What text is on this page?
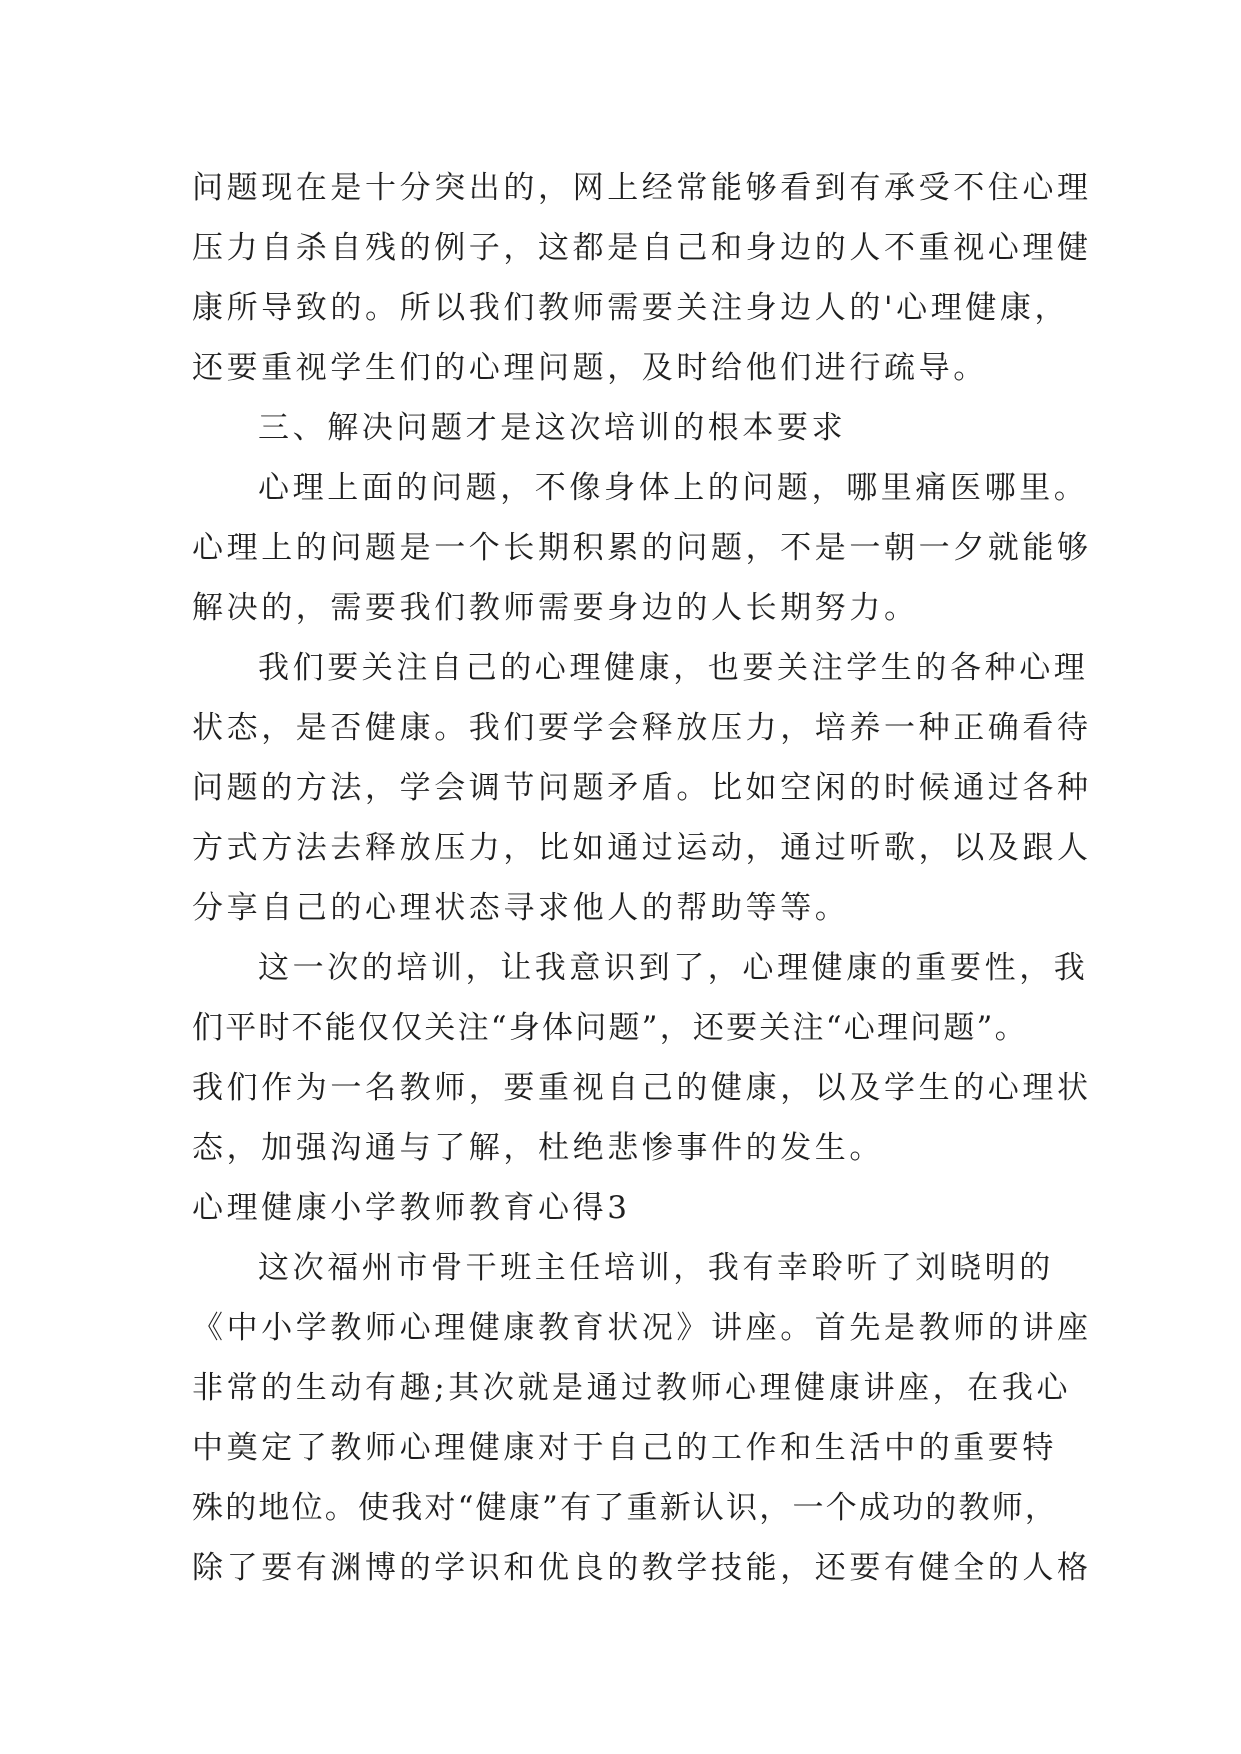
问题现在是十分突出的，网上经常能够看到有承受不住心理
压力自杀自残的例子，这都是自己和身边的人不重视心理健
康所导致的。所以我们教师需要关注身边人的'心理健康，
还要重视学生们的心理问题，及时给他们进行疏导。
三、解决问题才是这次培训的根本要求
心理上面的问题，不像身体上的问题，哪里痛医哪里。
心理上的问题是一个长期积累的问题，不是一朝一夕就能够
解决的，需要我们教师需要身边的人长期努力。
我们要关注自己的心理健康，也要关注学生的各种心理
状态，是否健康。我们要学会释放压力，培养一种正确看待
问题的方法，学会调节问题矛盾。比如空闲的时候通过各种
方式方法去释放压力，比如通过运动，通过听歌，以及跟人
分享自己的心理状态寻求他人的帮助等等。
这一次的培训，让我意识到了，心理健康的重要性，我
们平时不能仅仅关注“身体问题”，还要关注“心理问题”。
我们作为一名教师，要重视自己的健康，以及学生的心理状
态，加强沟通与了解，杜绝悲惨事件的发生。
心理健康小学教师教育心得3
这次福州市骨干班主任培训，我有幸聆听了刘晓明的
《中小学教师心理健康教育状况》讲座。首先是教师的讲座
非常的生动有趣;其次就是通过教师心理健康讲座，在我心
中奠定了教师心理健康对于自己的工作和生活中的重要特
殊的地位。使我对“健康”有了重新认识，一个成功的教师，
除了要有渊博的学识和优良的教学技能，还要有健全的人格
